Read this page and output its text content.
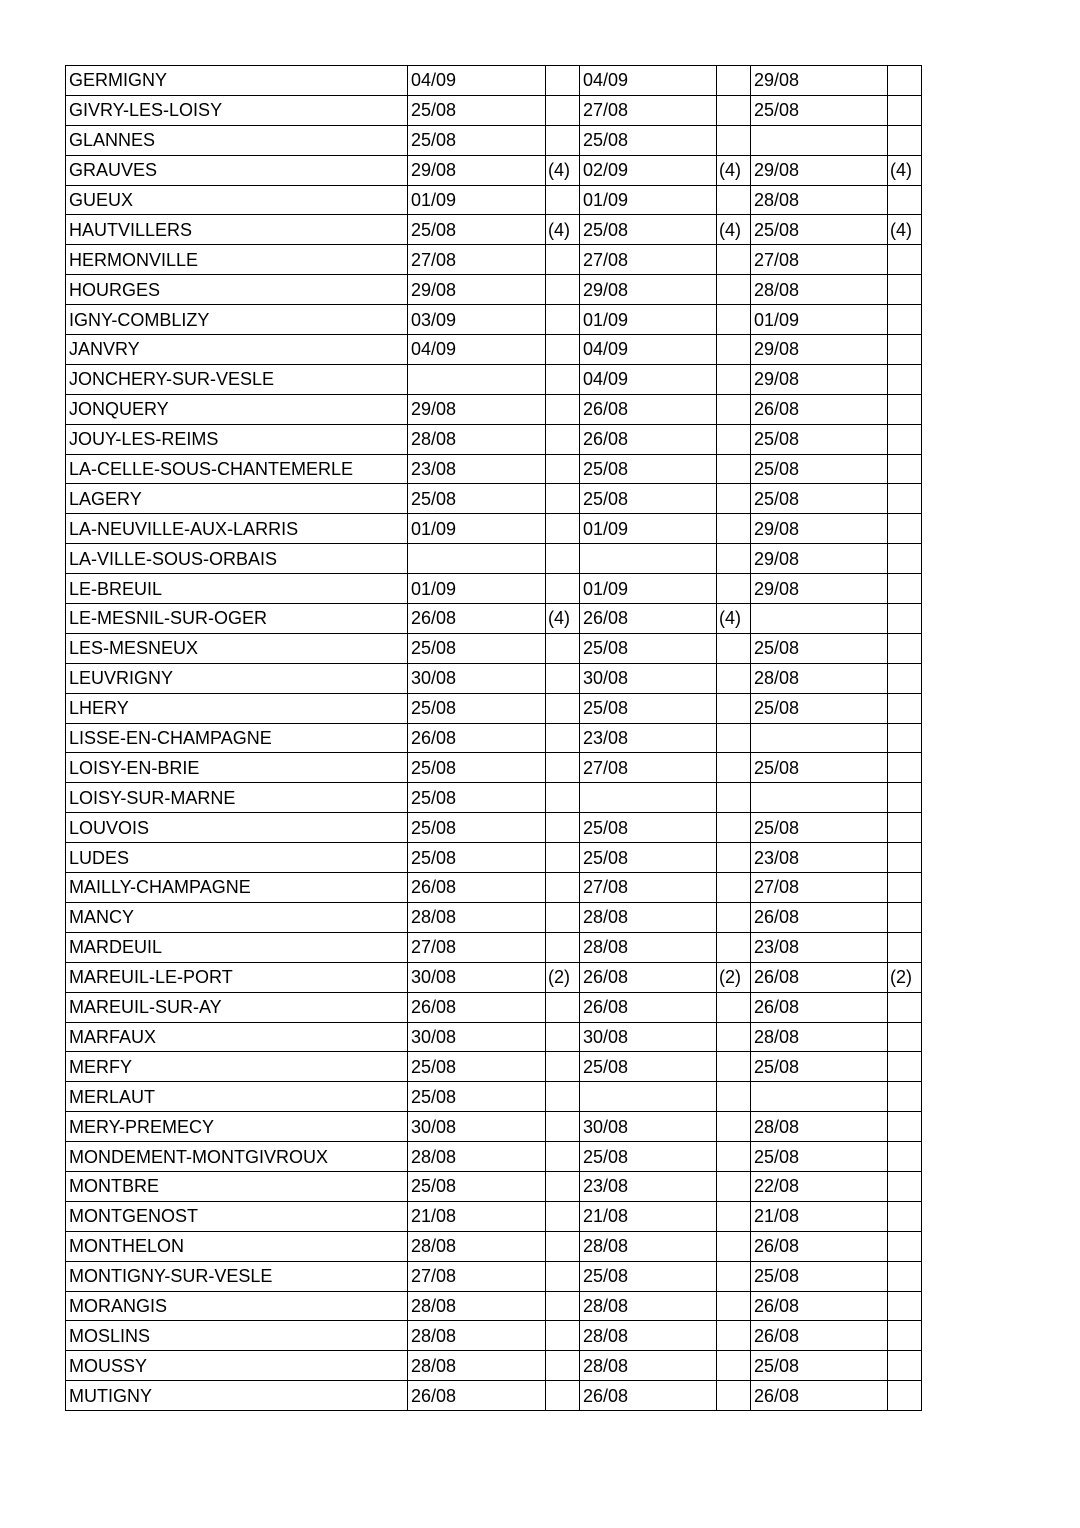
GERMIGNY	04/09		04/09		29/08	
GIVRY-LES-LOISY	25/08		27/08		25/08	
GLANNES	25/08		25/08			
GRAUVES	29/08	(4)	02/09	(4)	29/08	(4)
GUEUX	01/09		01/09		28/08	
HAUTVILLERS	25/08	(4)	25/08	(4)	25/08	(4)
HERMONVILLE	27/08		27/08		27/08	
HOURGES	29/08		29/08		28/08	
IGNY-COMBLIZY	03/09		01/09		01/09	
JANVRY	04/09		04/09		29/08	
JONCHERY-SUR-VESLE			04/09		29/08	
JONQUERY	29/08		26/08		26/08	
JOUY-LES-REIMS	28/08		26/08		25/08	
LA-CELLE-SOUS-CHANTEMERLE	23/08		25/08		25/08	
LAGERY	25/08		25/08		25/08	
LA-NEUVILLE-AUX-LARRIS	01/09		01/09		29/08	
LA-VILLE-SOUS-ORBAIS					29/08	
LE-BREUIL	01/09		01/09		29/08	
LE-MESNIL-SUR-OGER	26/08	(4)	26/08	(4)		
LES-MESNEUX	25/08		25/08		25/08	
LEUVRIGNY	30/08		30/08		28/08	
LHERY	25/08		25/08		25/08	
LISSE-EN-CHAMPAGNE	26/08		23/08			
LOISY-EN-BRIE	25/08		27/08		25/08	
LOISY-SUR-MARNE	25/08					
LOUVOIS	25/08		25/08		25/08	
LUDES	25/08		25/08		23/08	
MAILLY-CHAMPAGNE	26/08		27/08		27/08	
MANCY	28/08		28/08		26/08	
MARDEUIL	27/08		28/08		23/08	
MAREUIL-LE-PORT	30/08	(2)	26/08	(2)	26/08	(2)
MAREUIL-SUR-AY	26/08		26/08		26/08	
MARFAUX	30/08		30/08		28/08	
MERFY	25/08		25/08		25/08	
MERLAUT	25/08					
MERY-PREMECY	30/08		30/08		28/08	
MONDEMENT-MONTGIVROUX	28/08		25/08		25/08	
MONTBRE	25/08		23/08		22/08	
MONTGENOST	21/08		21/08		21/08	
MONTHELON	28/08		28/08		26/08	
MONTIGNY-SUR-VESLE	27/08		25/08		25/08	
MORANGIS	28/08		28/08		26/08	
MOSLINS	28/08		28/08		26/08	
MOUSSY	28/08		28/08		25/08	
MUTIGNY	26/08		26/08		26/08	
